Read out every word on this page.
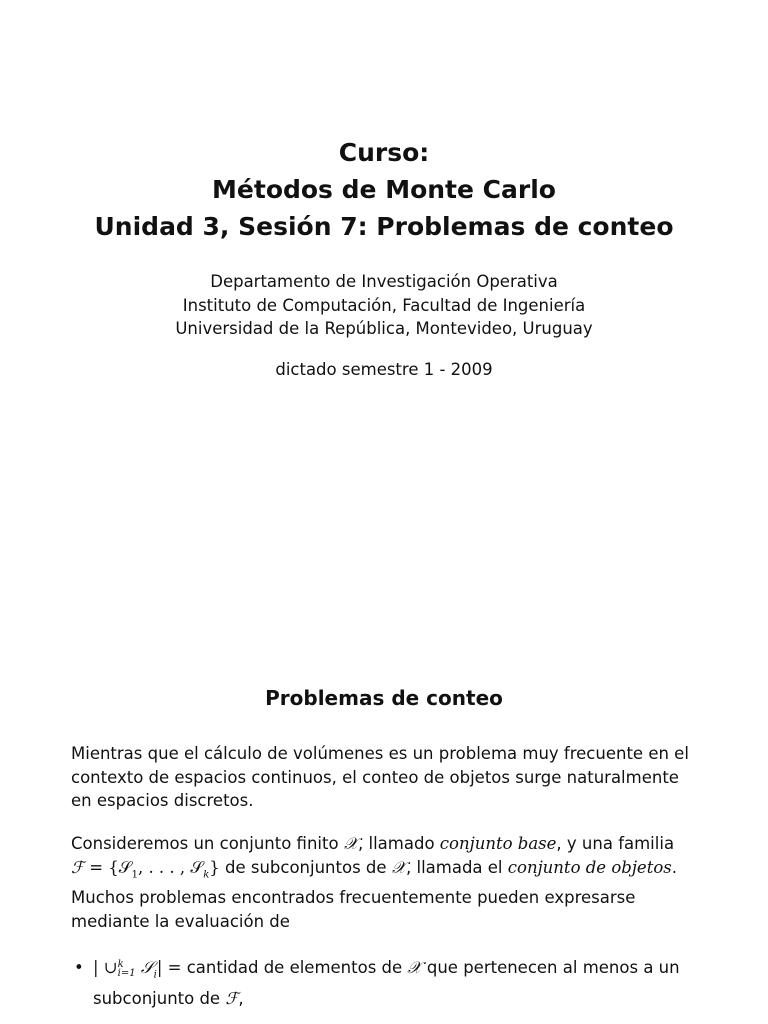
Curso:
Métodos de Monte Carlo
Unidad 3, Sesión 7: Problemas de conteo
Departamento de Investigación Operativa
Instituto de Computación, Facultad de Ingeniería
Universidad de la República, Montevideo, Uruguay
dictado semestre 1 - 2009
Problemas de conteo
Mientras que el cálculo de volúmenes es un problema muy frecuente en el
contexto de espacios continuos, el conteo de objetos surge naturalmente
en espacios discretos.
Consideremos un conjunto finito 𝒳, llamado conjunto base, y una familia
ℱ = {𝒮$_1$, . . . , 𝒮$_k$} de subconjuntos de 𝒳, llamada el conjunto de objetos.
Muchos problemas encontrados frecuentemente pueden expresarse
mediante la evaluación de
• | ∪ k
i=1 𝒮$_i$| = cantidad de elementos de 𝒳 que pertenecen al menos a un
subconjunto de ℱ,
